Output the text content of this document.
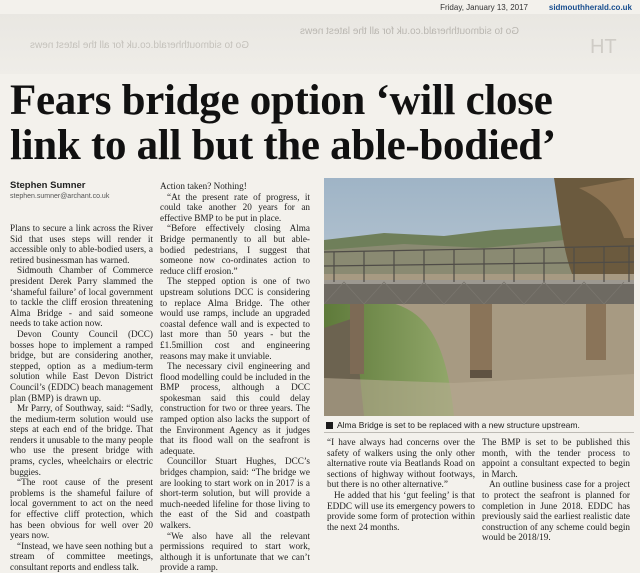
Friday, January 13, 2017	sidmouthherald.co.uk
Go to sidmouthherald.co.uk for all the latest news
Go to sidmouthherald.co.uk for all the latest news	TH
Fears bridge option ‘will close link to all but the able-bodied’
Stephen Sumner
stephen.sumner@archant.co.uk

Plans to secure a link across the River Sid that uses steps will render it accessible only to able-bodied users, a retired businessman has warned.

Sidmouth Chamber of Commerce president Derek Parry slammed the ‘shameful failure’ of local government to tackle the cliff erosion threatening Alma Bridge - and said someone needs to take action now.

Devon County Council (DCC) bosses hope to implement a ramped bridge, but are considering another, stepped, option as a medium-term solution while East Devon District Council’s (EDDC) beach management plan (BMP) is drawn up.

Mr Parry, of Southway, said: “Sadly, the medium-term solution would use steps at each end of the bridge. That renders it unusable to the many people who use the present bridge with prams, cycles, wheelchairs or electric buggies.

“The root cause of the present problems is the shameful failure of local government to act on the need for effective cliff protection, which has been obvious for well over 20 years now.

“Instead, we have seen nothing but a stream of committee meetings, consultant reports and endless talk.

Action taken? Nothing!

“At the present rate of progress, it could take another 20 years for an effective BMP to be put in place.

“Before effectively closing Alma Bridge permanently to all but able-bodied pedestrians, I suggest that someone now co-ordinates action to reduce cliff erosion.”

The stepped option is one of two upstream solutions DCC is considering to replace Alma Bridge. The other would use ramps, include an upgraded coastal defence wall and is expected to last more than 50 years - but the £1.5million cost and engineering reasons may make it unviable.

The necessary civil engineering and flood modelling could be included in the BMP process, although a DCC spokesman said this could delay construction for two or three years. The ramped option also lacks the support of the Environment Agency as it judges that its flood wall on the seafront is adequate.

Councillor Stuart Hughes, DCC’s bridges champion, said: “The bridge we are looking to start work on in 2017 is a short-term solution, but will provide a much-needed lifeline for those living to the east of the Sid and coastpath walkers.

“We also have all the relevant permissions required to start work, although it is unfortunate that we can’t provide a ramp.

Alma Bridge is set to be replaced with a new structure upstream.

“I have always had concerns over the safety of walkers using the only other alternative route via Beatlands Road on sections of highway without footways, but there is no other alternative.”

He added that his ‘gut feeling’ is that EDDC will use its emergency powers to provide some form of protection within the next 24 months.

The BMP is set to be published this month, with the tender process to appoint a consultant expected to begin in March.

An outline business case for a project to protect the seafront is planned for completion in June 2018. EDDC has previously said the earliest realistic date construction of any scheme could begin would be 2018/19.
